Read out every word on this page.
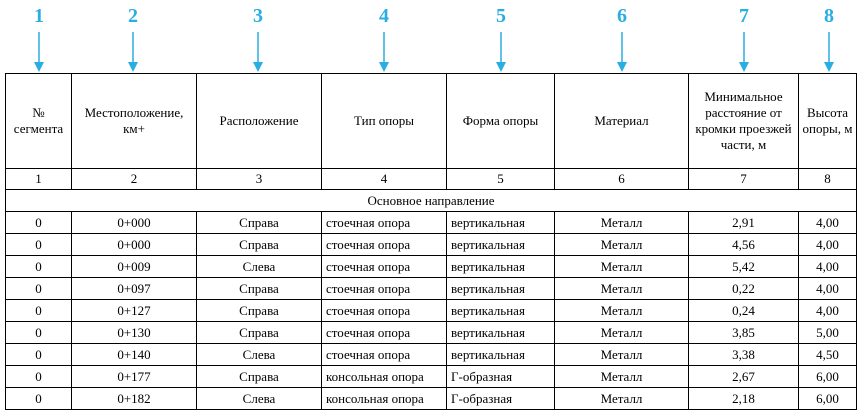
1	2	3	4	5	6	7	8
№ сегмента	Местоположение, км+	Расположение	Тип опоры	Форма опоры	Материал	Минимальное расстояние от кромки проезжей части, м	Высота опоры, м
1	2	3	4	5	6	7	8
Основное направление							
0	0+000	Справа	стоечная опора	вертикальная	Металл	2,91	4,00
0	0+000	Справа	стоечная опора	вертикальная	Металл	4,56	4,00
0	0+009	Слева	стоечная опора	вертикальная	Металл	5,42	4,00
0	0+097	Справа	стоечная опора	вертикальная	Металл	0,22	4,00
0	0+127	Справа	стоечная опора	вертикальная	Металл	0,24	4,00
0	0+130	Справа	стоечная опора	вертикальная	Металл	3,85	5,00
0	0+140	Слева	стоечная опора	вертикальная	Металл	3,38	4,50
0	0+177	Справа	консольная опора	Г-образная	Металл	2,67	6,00
0	0+182	Слева	консольная опора	Г-образная	Металл	2,18	6,00
